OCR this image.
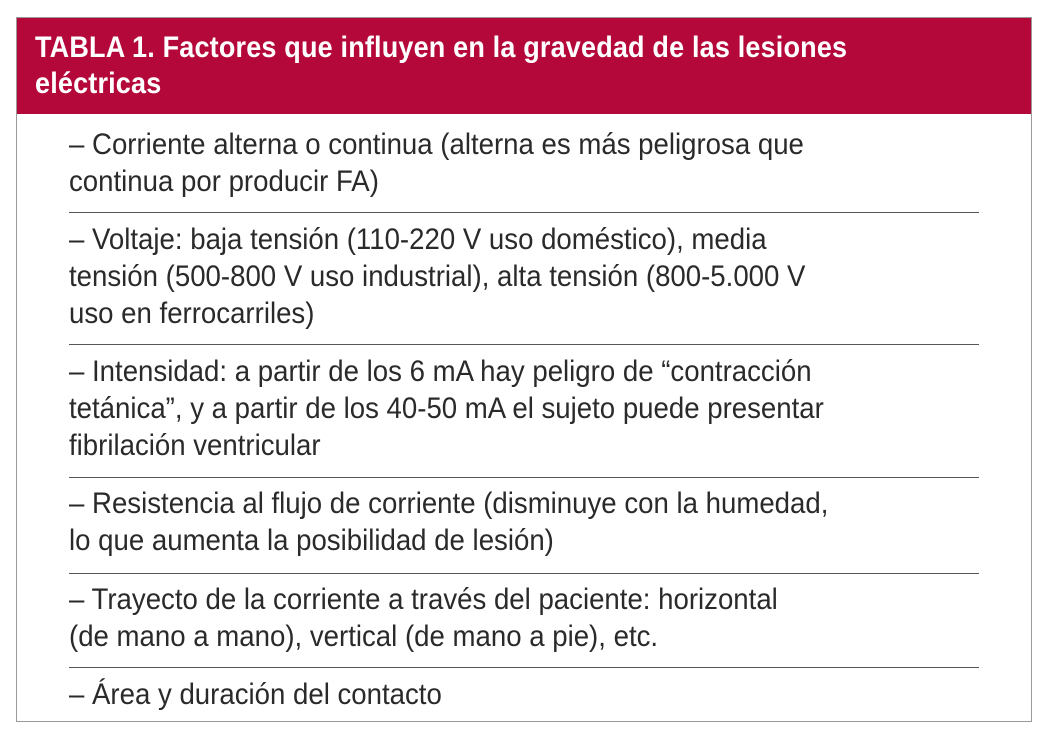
TABLA 1. Factores que influyen en la gravedad de las lesiones
eléctricas
– Corriente alterna o continua (alterna es más peligrosa que
continua por producir FA)
– Voltaje: baja tensión (110-220 V uso doméstico), media
tensión (500-800 V uso industrial), alta tensión (800-5.000 V
uso en ferrocarriles)
– Intensidad: a partir de los 6 mA hay peligro de “contracción
tetánica”, y a partir de los 40-50 mA el sujeto puede presentar
fibrilación ventricular
– Resistencia al flujo de corriente (disminuye con la humedad,
lo que aumenta la posibilidad de lesión)
– Trayecto de la corriente a través del paciente: horizontal
(de mano a mano), vertical (de mano a pie), etc.
– Área y duración del contacto
